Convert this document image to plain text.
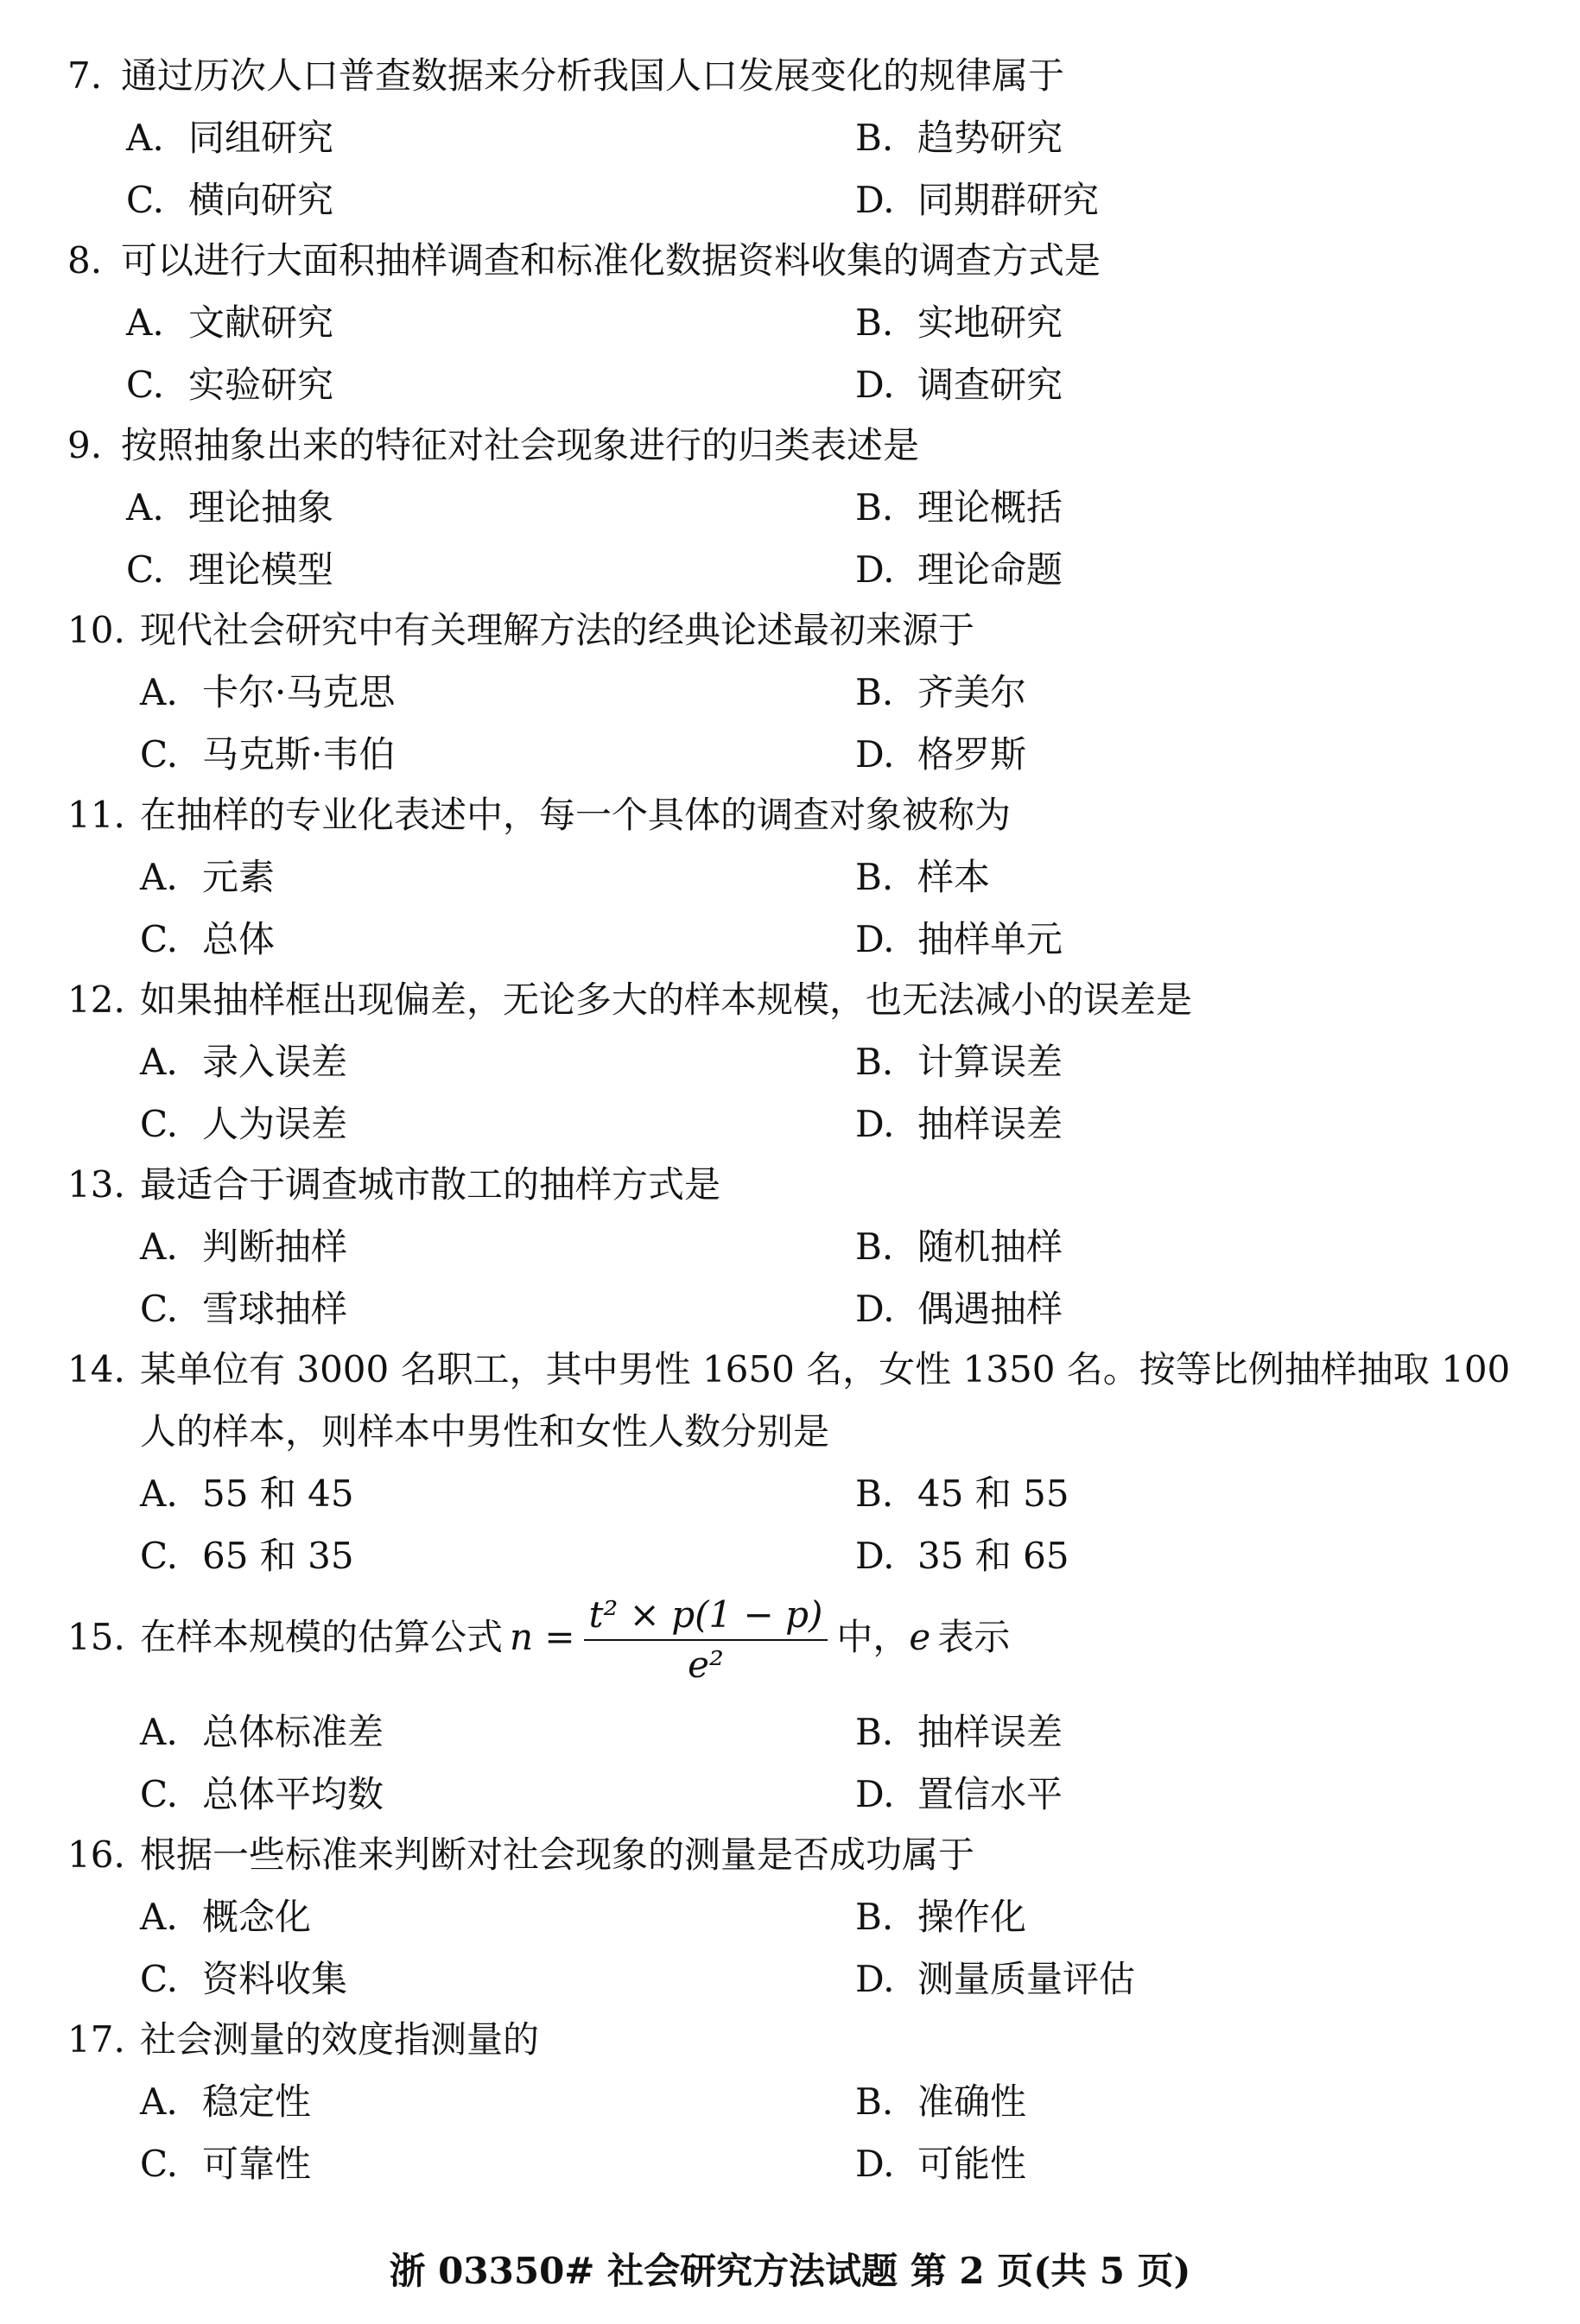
7. 通过历次人口普查数据来分析我国人口发展变化的规律属于
A. 同组研究	B. 趋势研究
C. 横向研究	D. 同期群研究
8. 可以进行大面积抽样调查和标准化数据资料收集的调查方式是
A. 文献研究	B. 实地研究
C. 实验研究	D. 调查研究
9. 按照抽象出来的特征对社会现象进行的归类表述是
A. 理论抽象	B. 理论概括
C. 理论模型	D. 理论命题
10. 现代社会研究中有关理解方法的经典论述最初来源于
A. 卡尔·马克思	B. 齐美尔
C. 马克斯·韦伯	D. 格罗斯
11. 在抽样的专业化表述中，每一个具体的调查对象被称为
A. 元素	B. 样本
C. 总体	D. 抽样单元
12. 如果抽样框出现偏差，无论多大的样本规模，也无法减小的误差是
A. 录入误差	B. 计算误差
C. 人为误差	D. 抽样误差
13. 最适合于调查城市散工的抽样方式是
A. 判断抽样	B. 随机抽样
C. 雪球抽样	D. 偶遇抽样
14. 某单位有 3000 名职工，其中男性 1650 名，女性 1350 名。按等比例抽样抽取 100
人的样本，则样本中男性和女性人数分别是
A. 55 和 45	B. 45 和 55
C. 65 和 35	D. 35 和 65
15. 在样本规模的估算公式 $n = \frac{\text{t² × p(1 − p)}}{\text{e²}}$ 中，e 表示
A. 总体标准差	B. 抽样误差
C. 总体平均数	D. 置信水平
16. 根据一些标准来判断对社会现象的测量是否成功属于
A. 概念化	B. 操作化
C. 资料收集	D. 测量质量评估
17. 社会测量的效度指测量的
A. 稳定性	B. 准确性
C. 可靠性	D. 可能性
浙 03350# 社会研究方法试题 第 2 页(共 5 页)
